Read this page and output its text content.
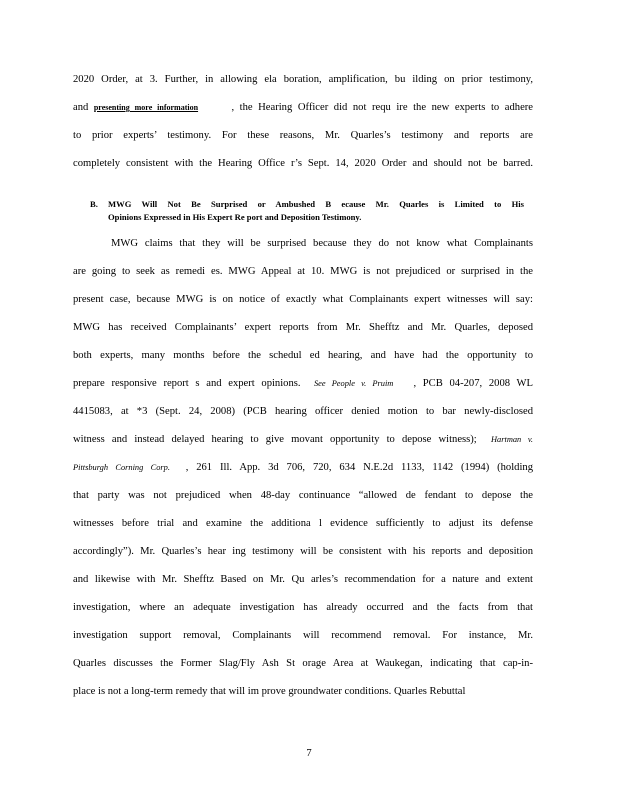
2020 Order, at 3. Further, in allowing ela boration, amplification, bu ilding on prior testimony,
and presenting more information	, the Hearing Officer did not requ ire the new experts to adhere
to prior experts’ testimony. For these reasons, Mr. Quarles’s testimony and reports are
completely consistent with the Hearing Office r’s Sept. 14, 2020 Order and should not be barred.
B.	MWG Will Not Be Surprised or Ambushed B ecause Mr. Quarles is Limited to His
Opinions Expressed in His Expert Re port and Deposition Testimony.
MWG claims that they will be surprised because they do not know what Complainants
are going to seek as remedi es. MWG Appeal at 10. MWG is not prejudiced or surprised in the
present case, because MWG is on notice of exactly what Complainants expert witnesses will say:
MWG has received Complainants’ expert reports from Mr. Shefftz and Mr. Quarles, deposed
both experts, many months before the schedul ed hearing, and have had the opportunity to
prepare responsive report s and expert opinions. See People v. Pruim , PCB 04-207, 2008 WL
4415083, at *3 (Sept. 24, 2008) (PCB hearing officer denied motion to bar newly-disclosed
witness and instead delayed hearing to give movant opportunity to depose witness); Hartman v.
Pittsburgh Corning Corp. , 261 Ill. App. 3d 706, 720, 634 N.E.2d 1133, 1142 (1994) (holding
that party was not prejudiced when 48-day continuance “allowed de fendant to depose the
witnesses before trial and examine the additiona l evidence sufficiently to adjust its defense
accordingly”). Mr. Quarles’s hear ing testimony will be consistent with his reports and deposition
and likewise with Mr. Shefftz Based on Mr. Qu arles’s recommendation for a nature and extent
investigation, where an adequate investigation has already occurred and the facts from that
investigation support removal, Complainants will recommend removal. For instance, Mr.
Quarles discusses the Former Slag/Fly Ash St orage Area at Waukegan, indicating that cap-in-
place is not a long-term remedy that will im prove groundwater conditions. Quarles Rebuttal
7
